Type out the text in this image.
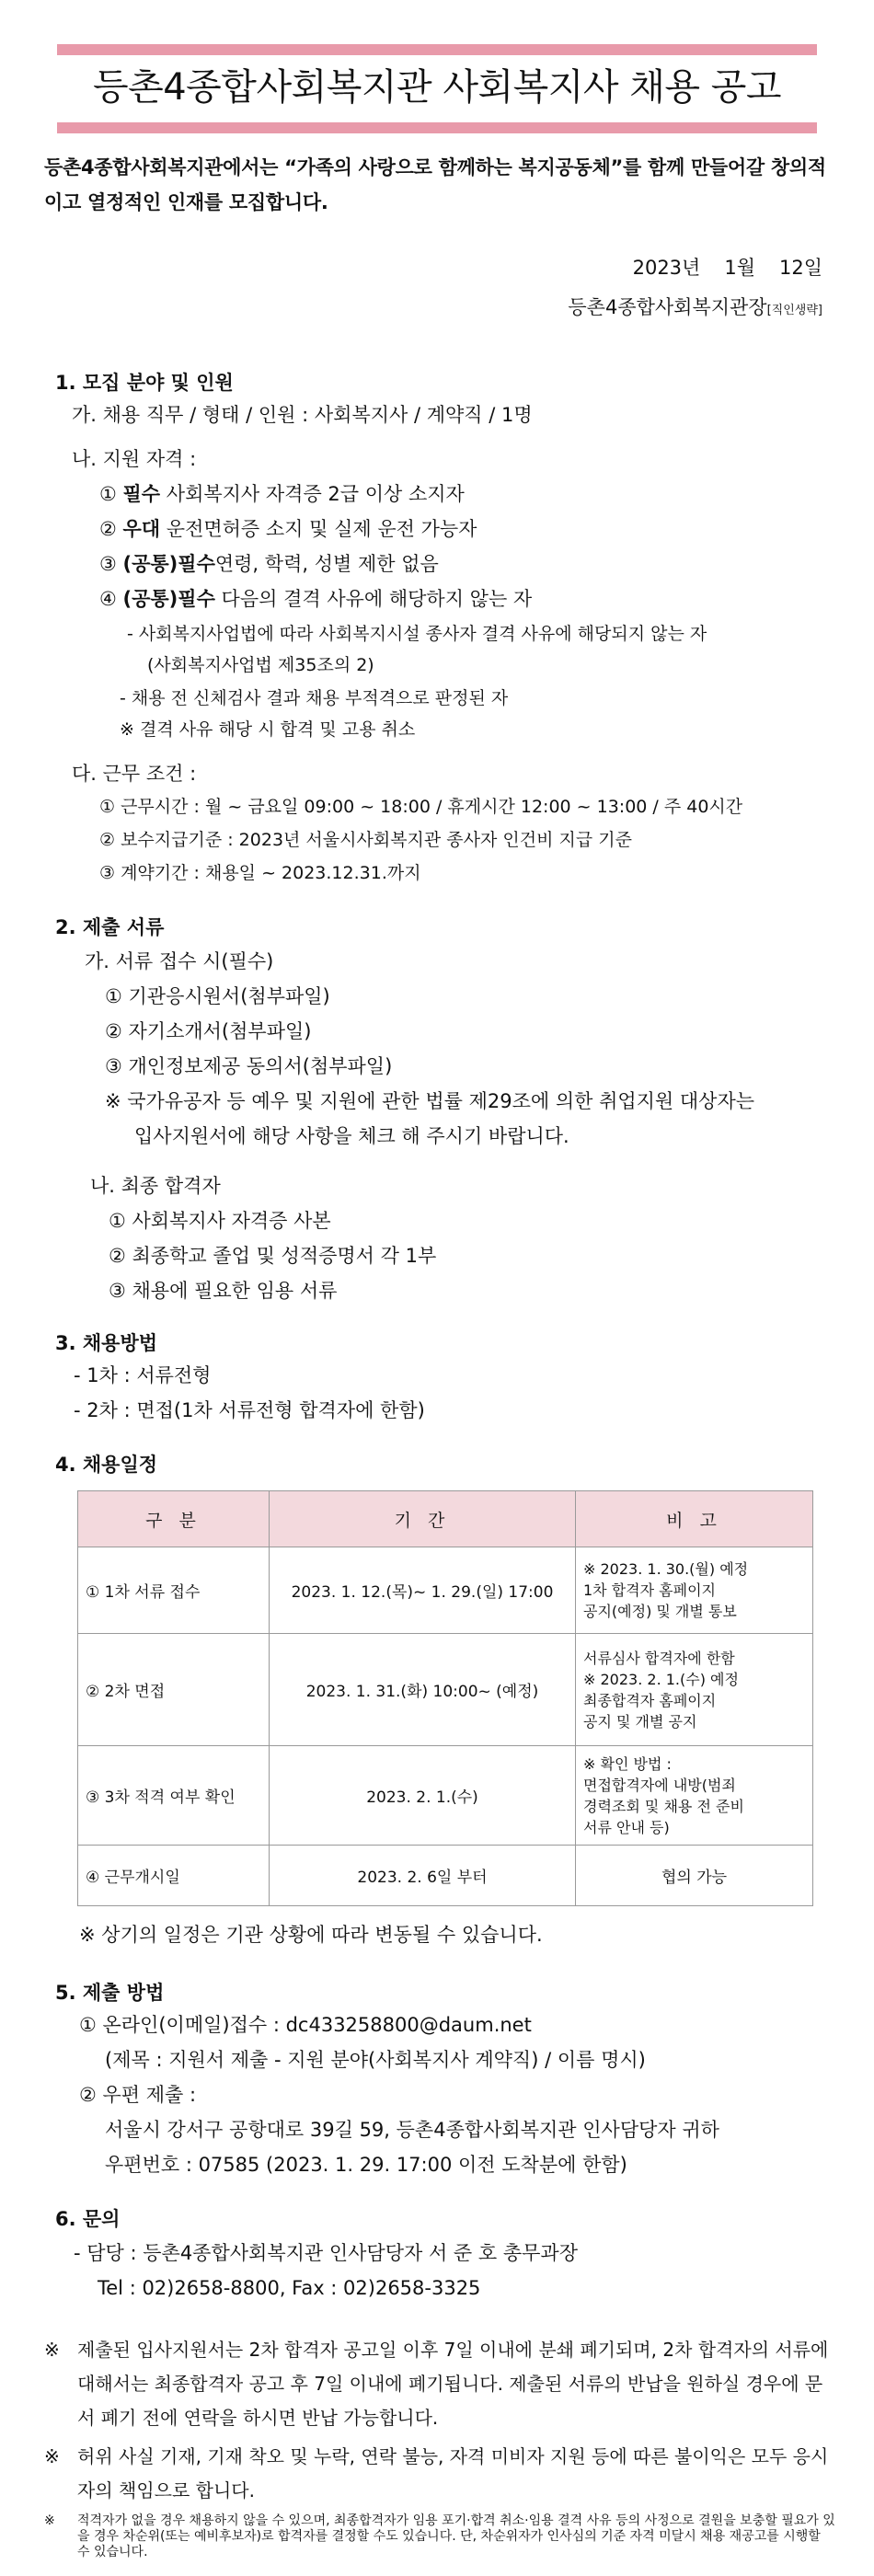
등촌4종합사회복지관 사회복지사 채용 공고
등촌4종합사회복지관에서는 “가족의 사랑으로 함께하는 복지공동체”를 함께 만들어갈 창의적이고 열정적인 인재를 모집합니다.
2023년 1월 12일
등촌4종합사회복지관장[직인생략]
1. 모집 분야 및 인원
가. 채용 직무 / 형태 / 인원 : 사회복지사 / 계약직 / 1명
나. 지원 자격 :
① 필수 사회복지사 자격증 2급 이상 소지자
② 우대 운전면허증 소지 및 실제 운전 가능자
③ (공통)필수연령, 학력, 성별 제한 없음
④ (공통)필수 다음의 결격 사유에 해당하지 않는 자
- 사회복지사업법에 따라 사회복지시설 종사자 결격 사유에 해당되지 않는 자
(사회복지사업법 제35조의 2)
- 채용 전 신체검사 결과 채용 부적격으로 판정된 자
※ 결격 사유 해당 시 합격 및 고용 취소
다. 근무 조건 :
① 근무시간 : 월 ~ 금요일 09:00 ~ 18:00 / 휴게시간 12:00 ~ 13:00 / 주 40시간
② 보수지급기준 : 2023년 서울시사회복지관 종사자 인건비 지급 기준
③ 계약기간 : 채용일 ~ 2023.12.31.까지
2. 제출 서류
가. 서류 접수 시(필수)
① 기관응시원서(첨부파일)
② 자기소개서(첨부파일)
③ 개인정보제공 동의서(첨부파일)
※ 국가유공자 등 예우 및 지원에 관한 법률 제29조에 의한 취업지원 대상자는
입사지원서에 해당 사항을 체크 해 주시기 바랍니다.
나. 최종 합격자
① 사회복지사 자격증 사본
② 최종학교 졸업 및 성적증명서 각 1부
③ 채용에 필요한 임용 서류
3. 채용방법
- 1차 : 서류전형
- 2차 : 면접(1차 서류전형 합격자에 한함)
4. 채용일정
구 분	기 간	비 고
① 1차 서류 접수	2023. 1. 12.(목)~ 1. 29.(일) 17:00	※ 2023. 1. 30.(월) 예정
1차 합격자 홈페이지
공지(예정) 및 개별 통보
② 2차 면접	2023. 1. 31.(화) 10:00~ (예정)	서류심사 합격자에 한함
※ 2023. 2. 1.(수) 예정
최종합격자 홈페이지
공지 및 개별 공지
③ 3차 적격 여부 확인	2023. 2. 1.(수)	※ 확인 방법 :
면접합격자에 내방(범죄
경력조회 및 채용 전 준비
서류 안내 등)
④ 근무개시일	2023. 2. 6일 부터	협의 가능
※ 상기의 일정은 기관 상황에 따라 변동될 수 있습니다.
5. 제출 방법
① 온라인(이메일)접수 : dc433258800@daum.net
(제목 : 지원서 제출 - 지원 분야(사회복지사 계약직) / 이름 명시)
② 우편 제출 :
서울시 강서구 공항대로 39길 59, 등촌4종합사회복지관 인사담당자 귀하
우편번호 : 07585 (2023. 1. 29. 17:00 이전 도착분에 한함)
6. 문의
- 담당 : 등촌4종합사회복지관 인사담당자 서 준 호 총무과장
Tel : 02)2658-8800, Fax : 02)2658-3325
※ 제출된 입사지원서는 2차 합격자 공고일 이후 7일 이내에 분쇄 폐기되며, 2차 합격자의 서류에 대해서는 최종합격자 공고 후 7일 이내에 폐기됩니다. 제출된 서류의 반납을 원하실 경우에 문서 폐기 전에 연락을 하시면 반납 가능합니다.
※ 허위 사실 기재, 기재 착오 및 누락, 연락 불능, 자격 미비자 지원 등에 따른 불이익은 모두 응시자의 책임으로 합니다.
※	적격자가 없을 경우 채용하지 않을 수 있으며, 최종합격자가 임용 포기·합격 취소·임용 결격 사유 등의 사정으로 결원을 보충할 필요가 있을 경우 차순위(또는 예비후보자)로 합격자를 결정할 수도 있습니다. 단, 차순위자가 인사심의 기준 자격 미달시 채용 재공고를 시행할 수 있습니다.
